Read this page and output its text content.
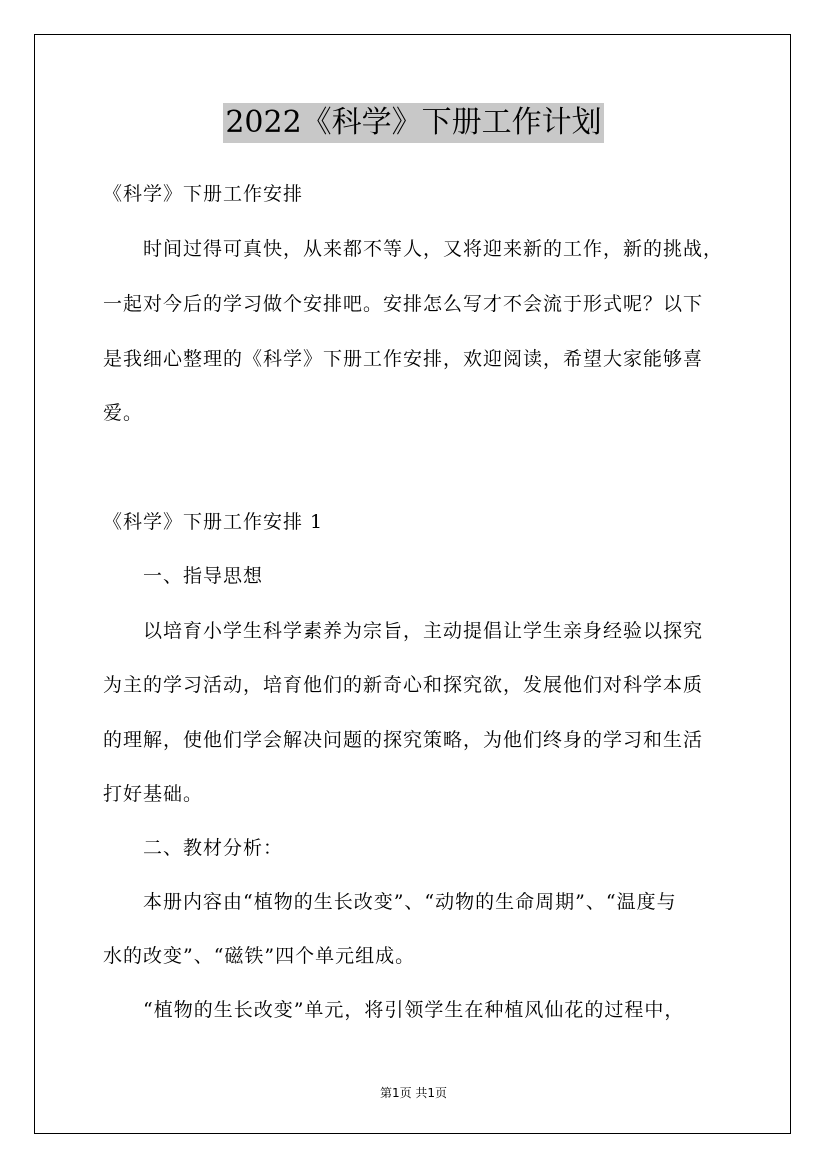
2022《科学》下册工作计划
《科学》下册工作安排
时间过得可真快，从来都不等人，又将迎来新的工作，新的挑战，
一起对今后的学习做个安排吧。安排怎么写才不会流于形式呢？以下
是我细心整理的《科学》下册工作安排，欢迎阅读，希望大家能够喜
爱。
《科学》下册工作安排 1
一、指导思想
以培育小学生科学素养为宗旨，主动提倡让学生亲身经验以探究
为主的学习活动，培育他们的新奇心和探究欲，发展他们对科学本质
的理解，使他们学会解决问题的探究策略，为他们终身的学习和生活
打好基础。
二、教材分析：
本册内容由“植物的生长改变”、“动物的生命周期”、“温度与
水的改变”、“磁铁”四个单元组成。
“植物的生长改变”单元，将引领学生在种植风仙花的过程中，
第1页 共1页
